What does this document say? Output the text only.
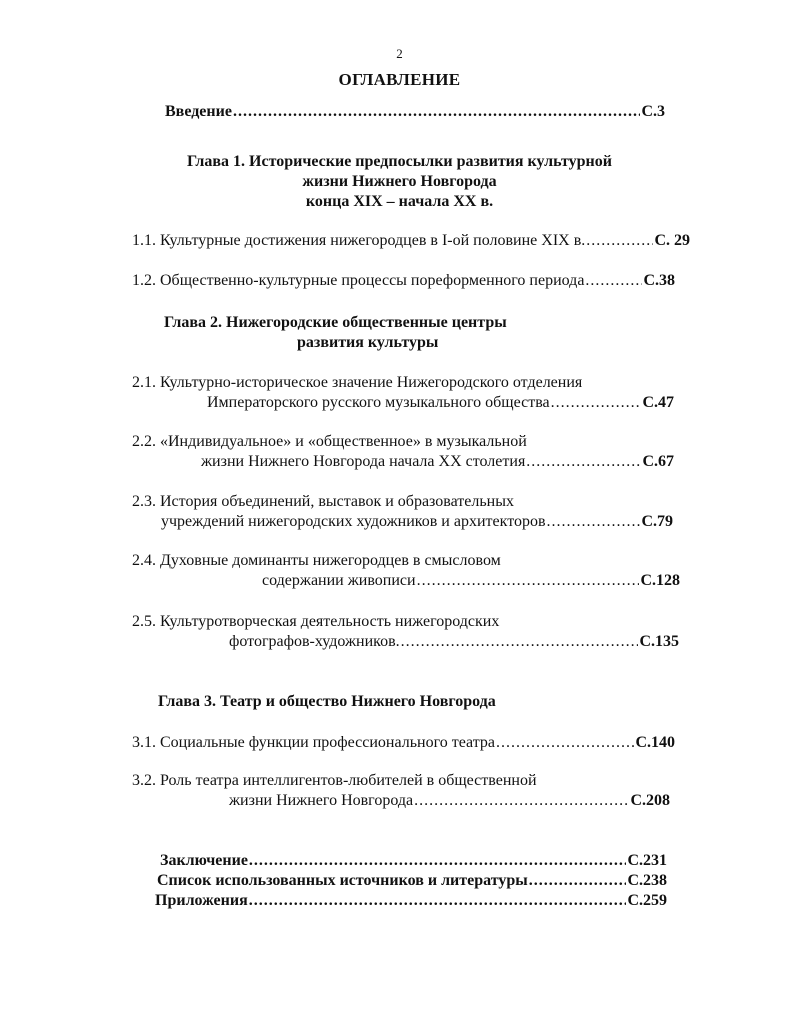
2
ОГЛАВЛЕНИЕ
Введение .....	С.3
Глава 1. Исторические предпосылки развития культурной
жизни Нижнего Новгорода
конца XIX – начала XX в.
1.1. Культурные достижения нижегородцев в I-ой половине XIX в. .....	С. 29
1.2. Общественно-культурные процессы пореформенного периода .....	С.38
Глава 2. Нижегородские общественные центры
развития культуры
2.1. Культурно-историческое значение Нижегородского отделения
Императорского русского музыкального общества .....	С.47
2.2. «Индивидуальное» и «общественное» в музыкальной
жизни Нижнего Новгорода начала XX столетия .....	С.67
2.3. История объединений, выставок и образовательных
учреждений нижегородских художников и архитекторов .....	С.79
2.4. Духовные доминанты нижегородцев в смысловом
содержании живописи .....	С.128
2.5. Культуротворческая деятельность нижегородских
фотографов-художников. .....	С.135
Глава 3. Театр и общество Нижнего Новгорода
3.1. Социальные функции профессионального театра .....	С.140
3.2. Роль театра интеллигентов-любителей в общественной
жизни Нижнего Новгорода .....	С.208
Заключение .....	С.231
Список использованных источников и литературы .....	С.238
Приложения .....	С.259
